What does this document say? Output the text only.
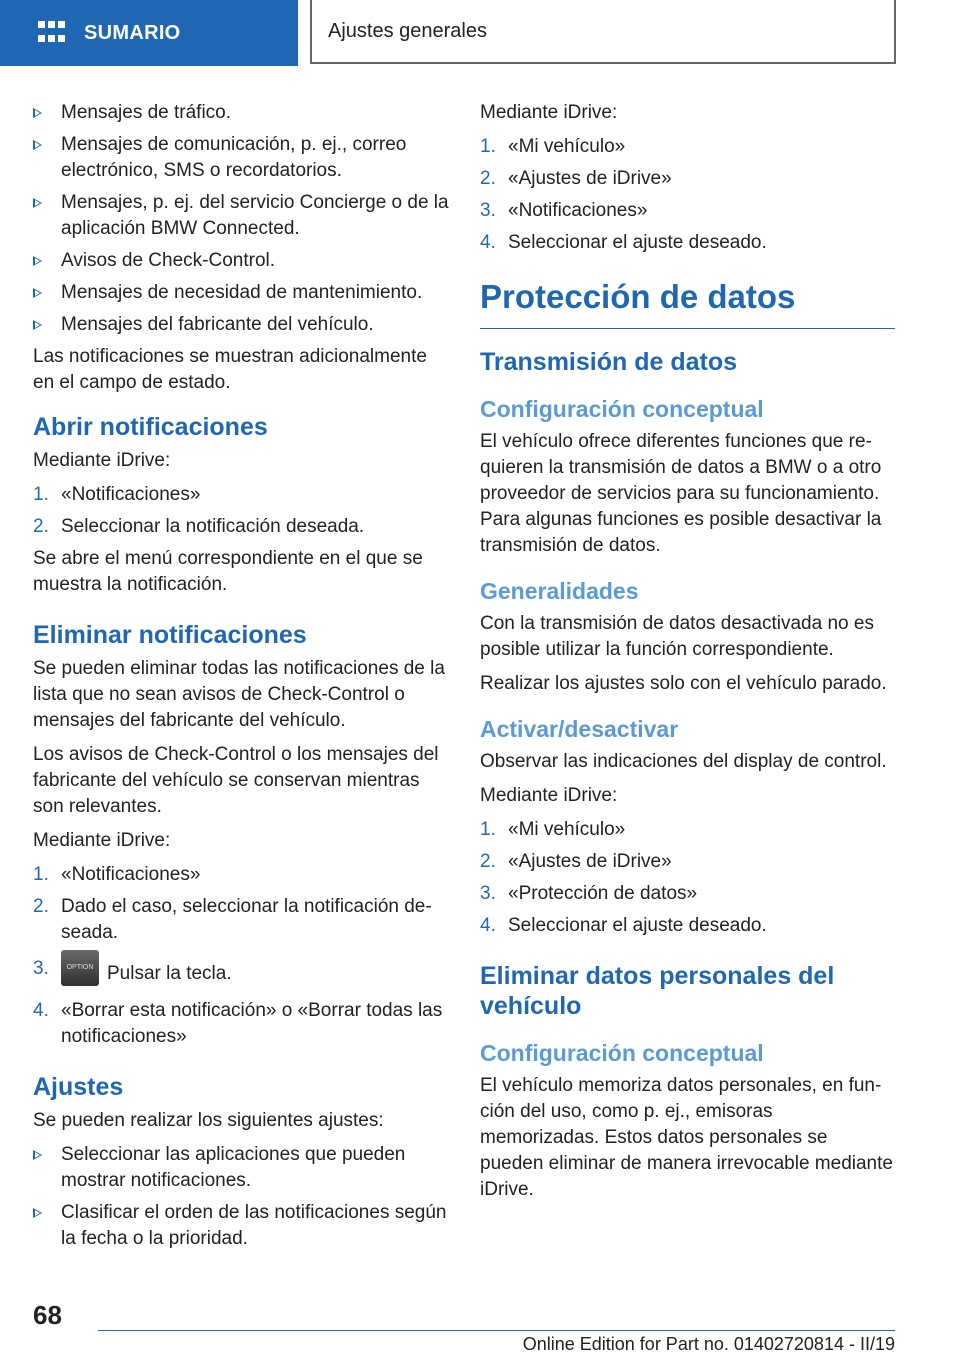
SUMARIO	Ajustes generales
Mensajes de tráfico.
Mensajes de comunicación, p. ej., correo electrónico, SMS o recordatorios.
Mensajes, p. ej. del servicio Concierge o de la aplicación BMW Connected.
Avisos de Check-Control.
Mensajes de necesidad de mantenimiento.
Mensajes del fabricante del vehículo.

Las notificaciones se muestran adicionalmente en el campo de estado.

Abrir notificaciones

Mediante iDrive:

1. «Notificaciones»
2. Seleccionar la notificación deseada.

Se abre el menú correspondiente en el que se muestra la notificación.

Eliminar notificaciones

Se pueden eliminar todas las notificaciones de la lista que no sean avisos de Check-Control o mensajes del fabricante del vehículo.

Los avisos de Check-Control o los mensajes del fabricante del vehículo se conservan mientras son relevantes.

Mediante iDrive:

1. «Notificaciones»
2. Dado el caso, seleccionar la notificación deseada.
3.	OPTION Pulsar la tecla.
4. «Borrar esta notificación» o «Borrar todas las notificaciones»
Ajustes

Se pueden realizar los siguientes ajustes:

Seleccionar las aplicaciones que pueden mostrar notificaciones.
Clasificar el orden de las notificaciones según la fecha o la prioridad.

Mediante iDrive:

1. «Mi vehículo»
2. «Ajustes de iDrive»
3. «Notificaciones»
4. Seleccionar el ajuste deseado.
Protección de datos
Transmisión de datos
Configuración conceptual

El vehículo ofrece diferentes funciones que requieren la transmisión de datos a BMW o a otro proveedor de servicios para su funcionamiento. Para algunas funciones es posible desactivar la transmisión de datos.

Generalidades

Con la transmisión de datos desactivada no es posible utilizar la función correspondiente.

Realizar los ajustes solo con el vehículo parado.

Activar/desactivar

Observar las indicaciones del display de control.

Mediante iDrive:

1. «Mi vehículo»
2. «Ajustes de iDrive»
3. «Protección de datos»
4. Seleccionar el ajuste deseado.
Eliminar datos personales del vehículo
Configuración conceptual

El vehículo memoriza datos personales, en función del uso, como p. ej., emisoras memorizadas. Estos datos personales se pueden eliminar de manera irrevocable mediante iDrive.

68
Online Edition for Part no. 01402720814 - II/19
